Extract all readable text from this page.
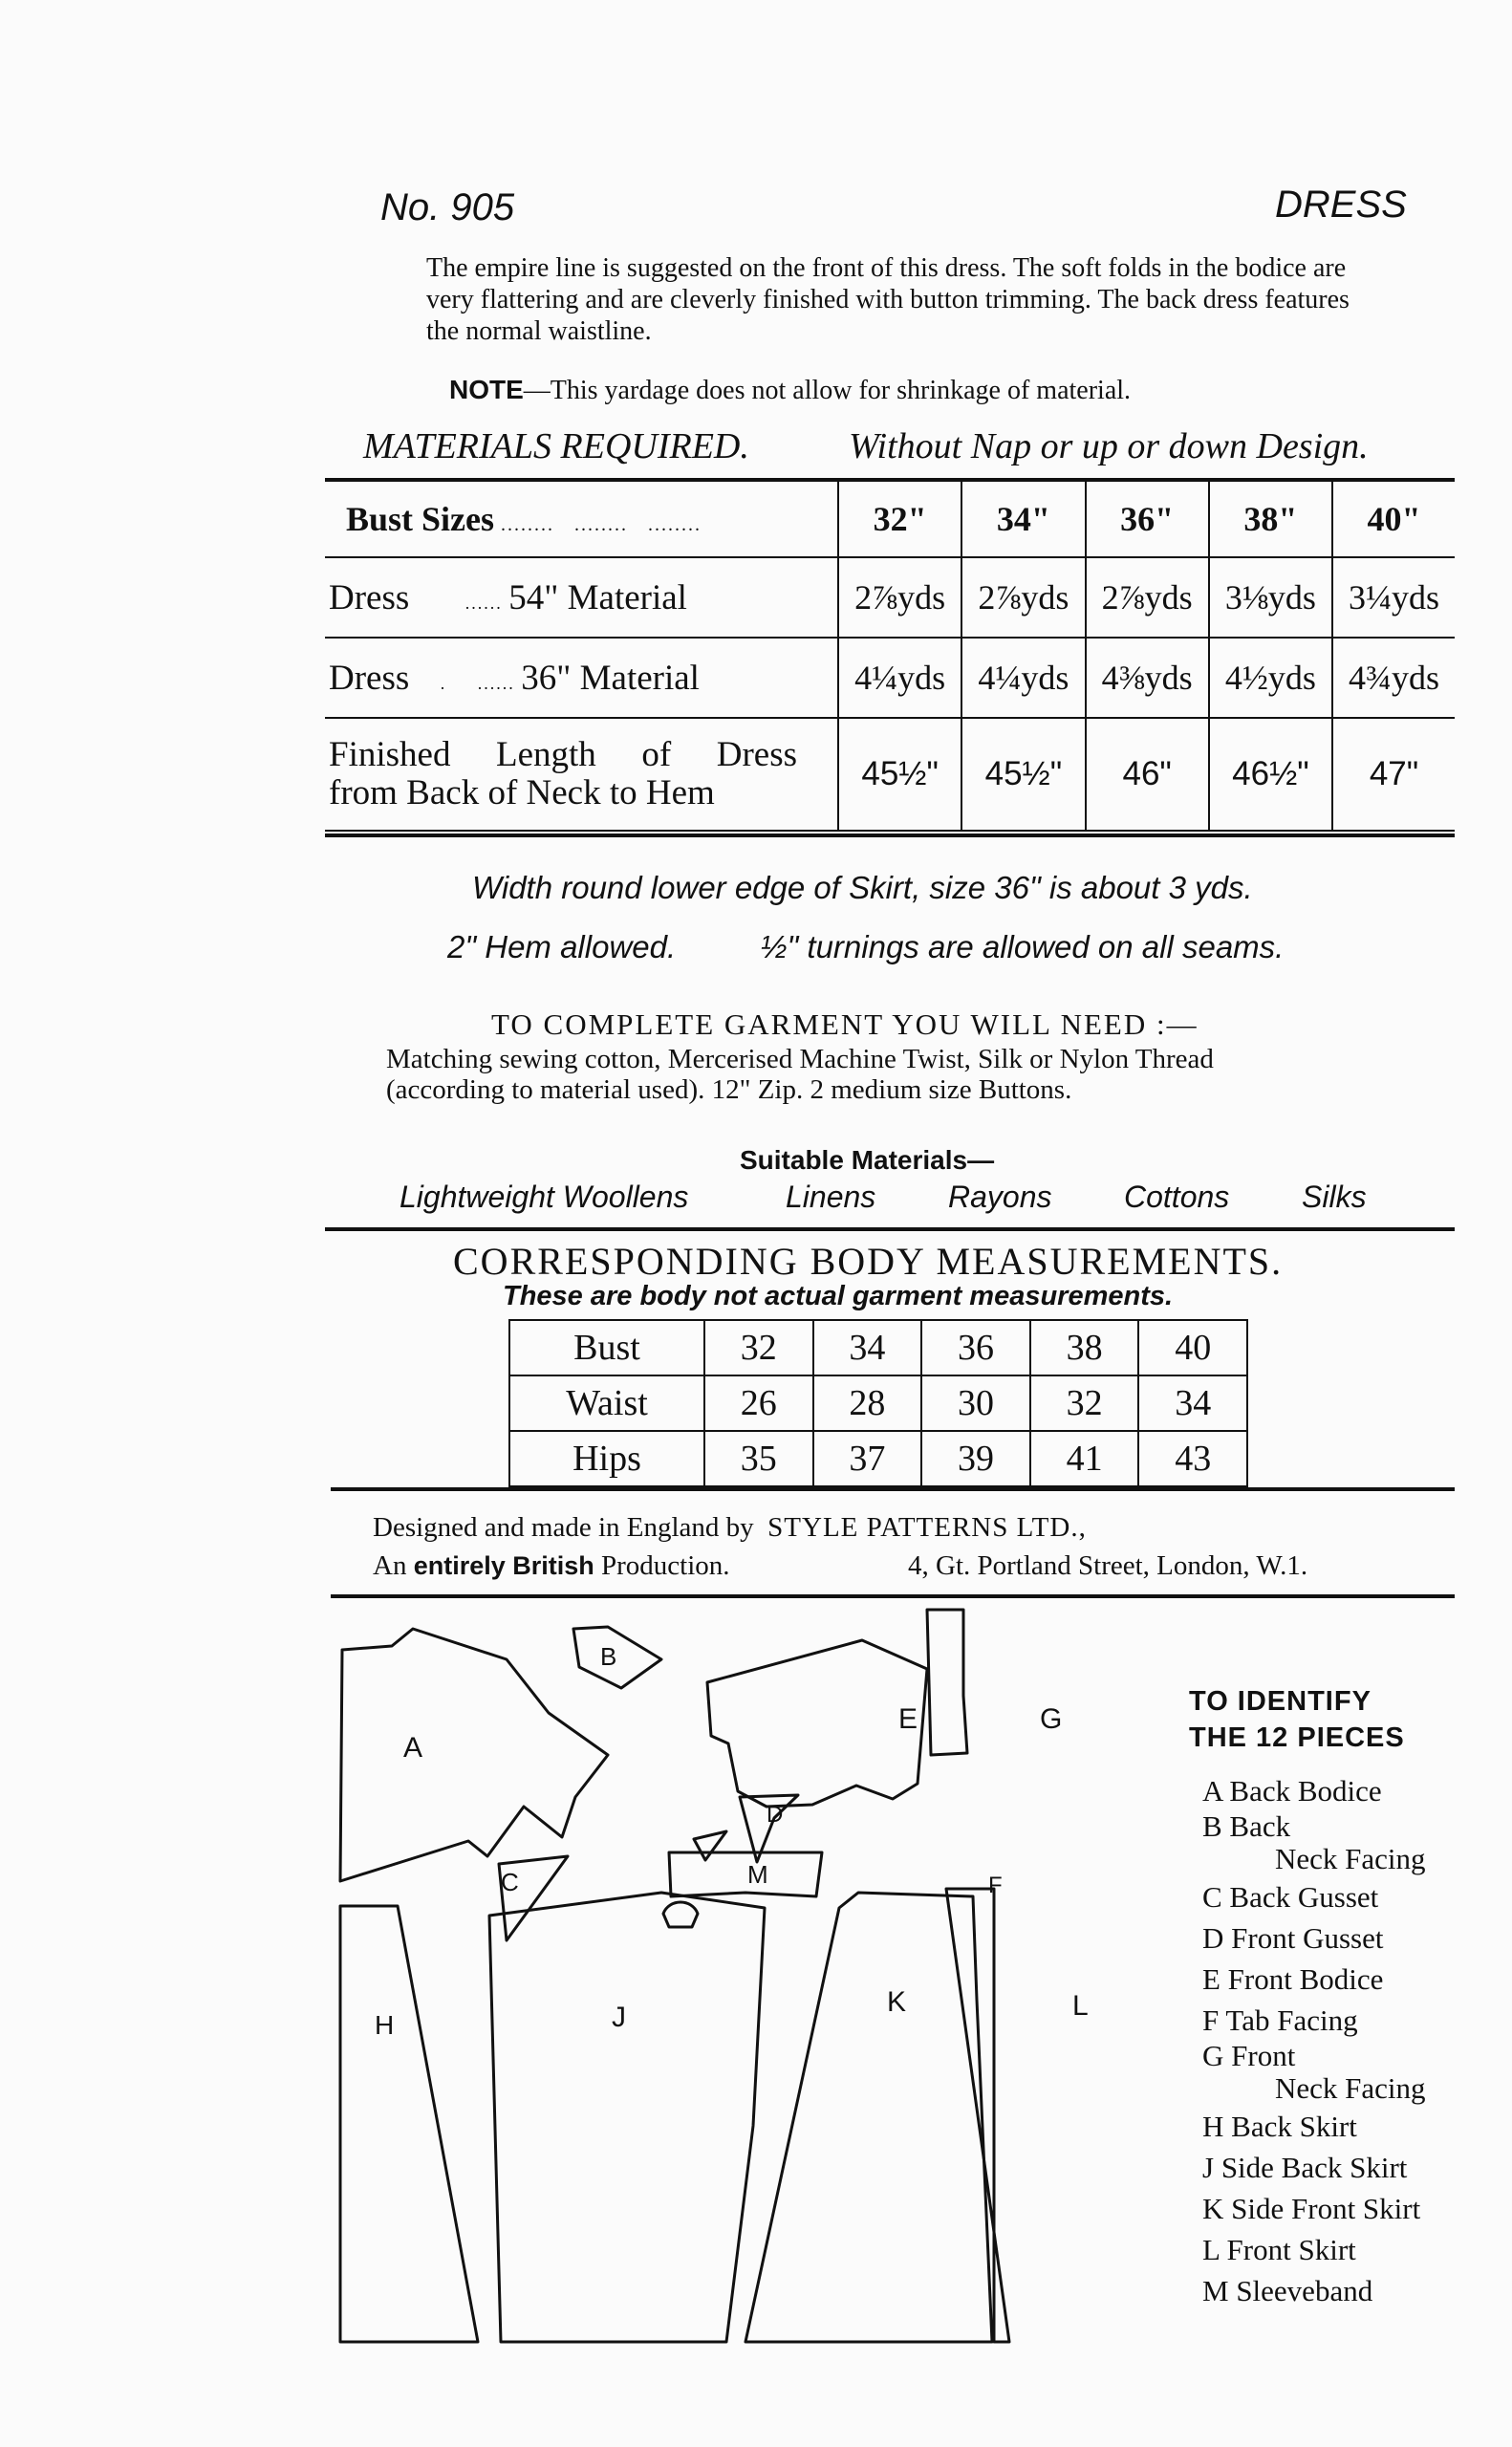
No. 905	DRESS
The empire line is suggested on the front of this dress. The soft folds in the bodice are very flattering and are cleverly finished with button trimming. The back dress features the normal waistline.
NOTE—This yardage does not allow for shrinkage of material.
MATERIALS REQUIRED.	Without Nap or up or down Design.
Bust Sizes ........   ........   ........	32"	34"	36"	38"	40"
Dress         ...... 54" Material	2⅞yds	2⅞yds	2⅞yds	3⅛yds	3¼yds
Dress     .     ...... 36" Material	4¼yds	4¼yds	4⅜yds	4½yds	4¾yds

Finished Length of Dress
from Back of Neck to Hem	45½"	45½"	46"	46½"	47"
Width round lower edge of Skirt, size 36" is about 3 yds.
2" Hem allowed.	½" turnings are allowed on all seams.
TO COMPLETE GARMENT YOU WILL NEED :—
Matching sewing cotton, Mercerised Machine Twist, Silk or Nylon Thread
(according to material used). 12" Zip. 2 medium size Buttons.
Suitable Materials—
Lightweight Woollens	Linens Rayons Cottons Silks
CORRESPONDING BODY MEASUREMENTS.
These are body not actual garment measurements.
Bust	32	34	36	38	40
Waist	26	28	30	32	34
Hips	35	37	39	41	43
Designed and made in England by STYLE PATTERNS LTD.,
An entirely British Production.	4, Gt. Portland Street, London, W.1.
A
B
C
D
E
F
G
H	J	K	L
M
TO IDENTIFY
THE 12 PIECES
A Back Bodice
B Back
Neck Facing
C Back Gusset
D Front Gusset
E Front Bodice
F Tab Facing
G Front
Neck Facing
H Back Skirt
J Side Back Skirt
K Side Front Skirt
L Front Skirt
M Sleeveband
